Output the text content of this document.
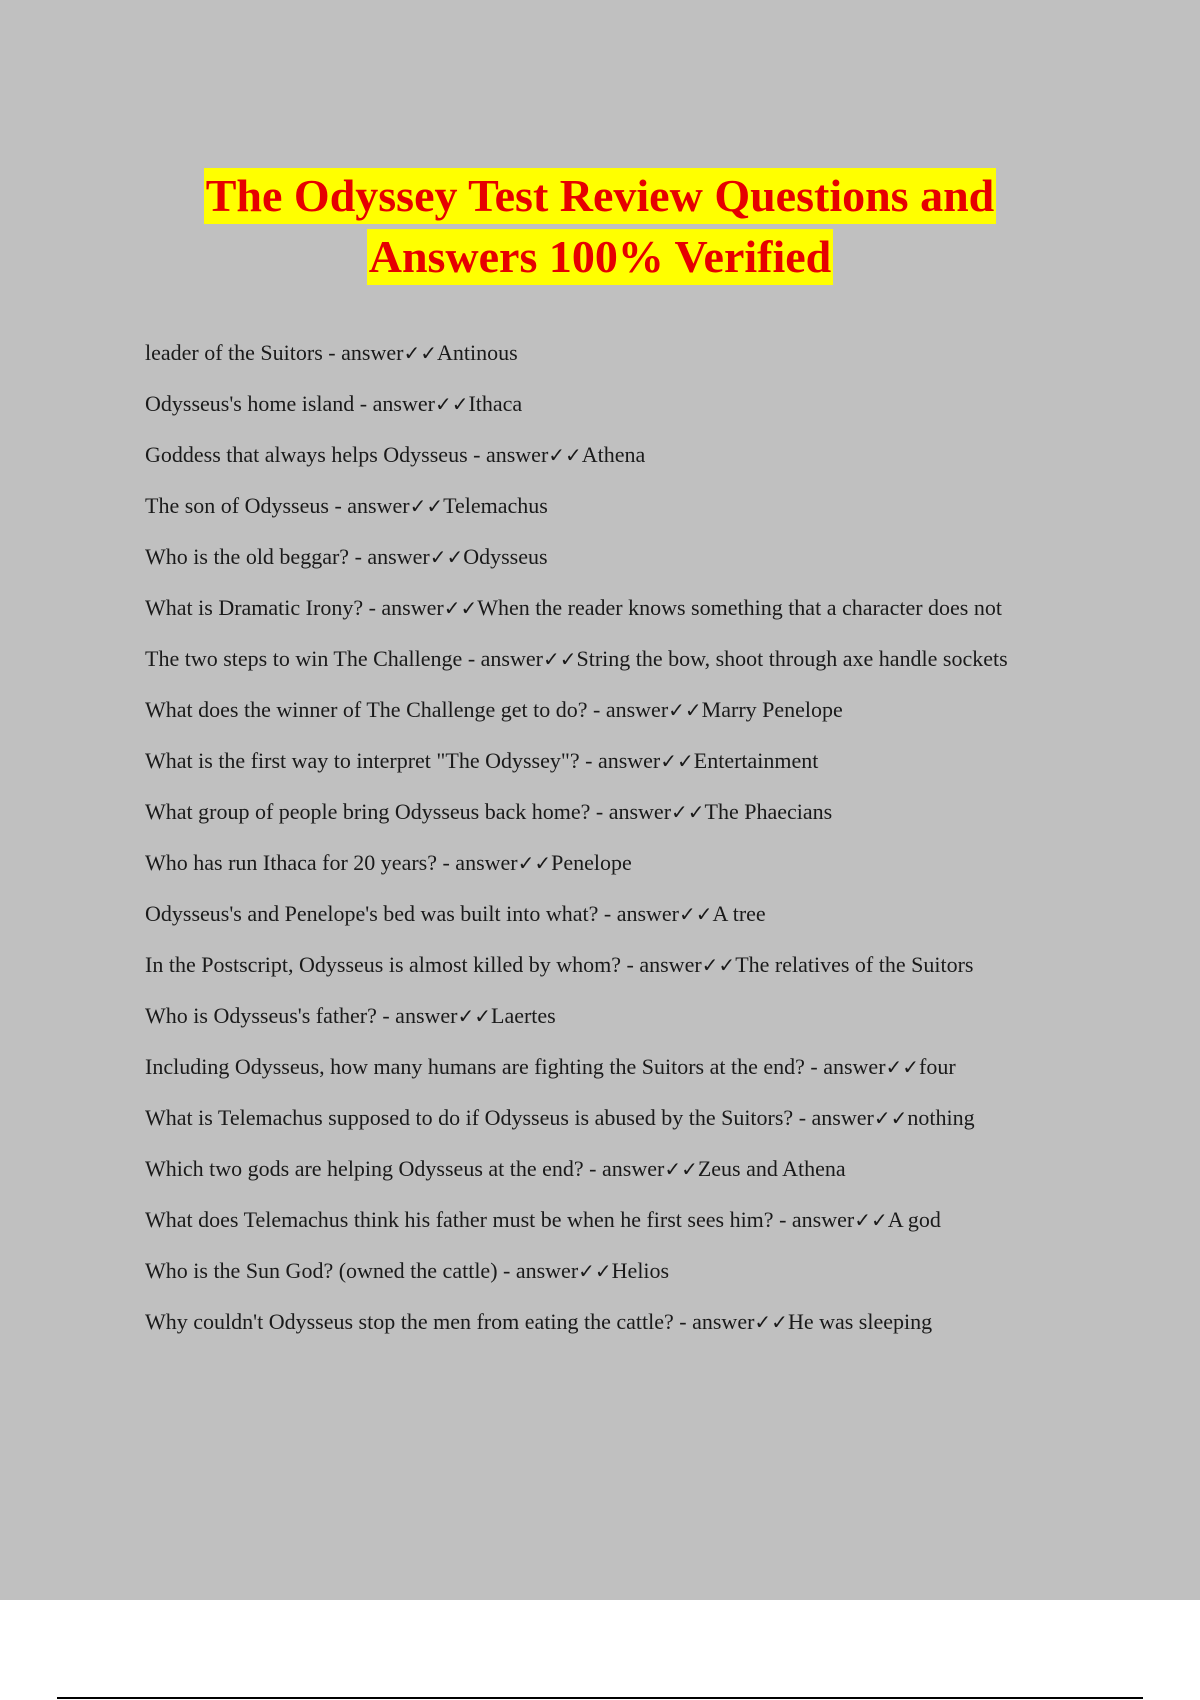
The Odyssey Test Review Questions and
Answers 100% Verified
leader of the Suitors - answer✓✓Antinous
Odysseus's home island - answer✓✓Ithaca
Goddess that always helps Odysseus - answer✓✓Athena
The son of Odysseus - answer✓✓Telemachus
Who is the old beggar? - answer✓✓Odysseus
What is Dramatic Irony? - answer✓✓When the reader knows something that a character does not
The two steps to win The Challenge - answer✓✓String the bow, shoot through axe handle sockets
What does the winner of The Challenge get to do? - answer✓✓Marry Penelope
What is the first way to interpret "The Odyssey"? - answer✓✓Entertainment
What group of people bring Odysseus back home? - answer✓✓The Phaecians
Who has run Ithaca for 20 years? - answer✓✓Penelope
Odysseus's and Penelope's bed was built into what? - answer✓✓A tree
In the Postscript, Odysseus is almost killed by whom? - answer✓✓The relatives of the Suitors
Who is Odysseus's father? - answer✓✓Laertes
Including Odysseus, how many humans are fighting the Suitors at the end? - answer✓✓four
What is Telemachus supposed to do if Odysseus is abused by the Suitors? - answer✓✓nothing
Which two gods are helping Odysseus at the end? - answer✓✓Zeus and Athena
What does Telemachus think his father must be when he first sees him? - answer✓✓A god
Who is the Sun God? (owned the cattle) - answer✓✓Helios
Why couldn't Odysseus stop the men from eating the cattle? - answer✓✓He was sleeping
